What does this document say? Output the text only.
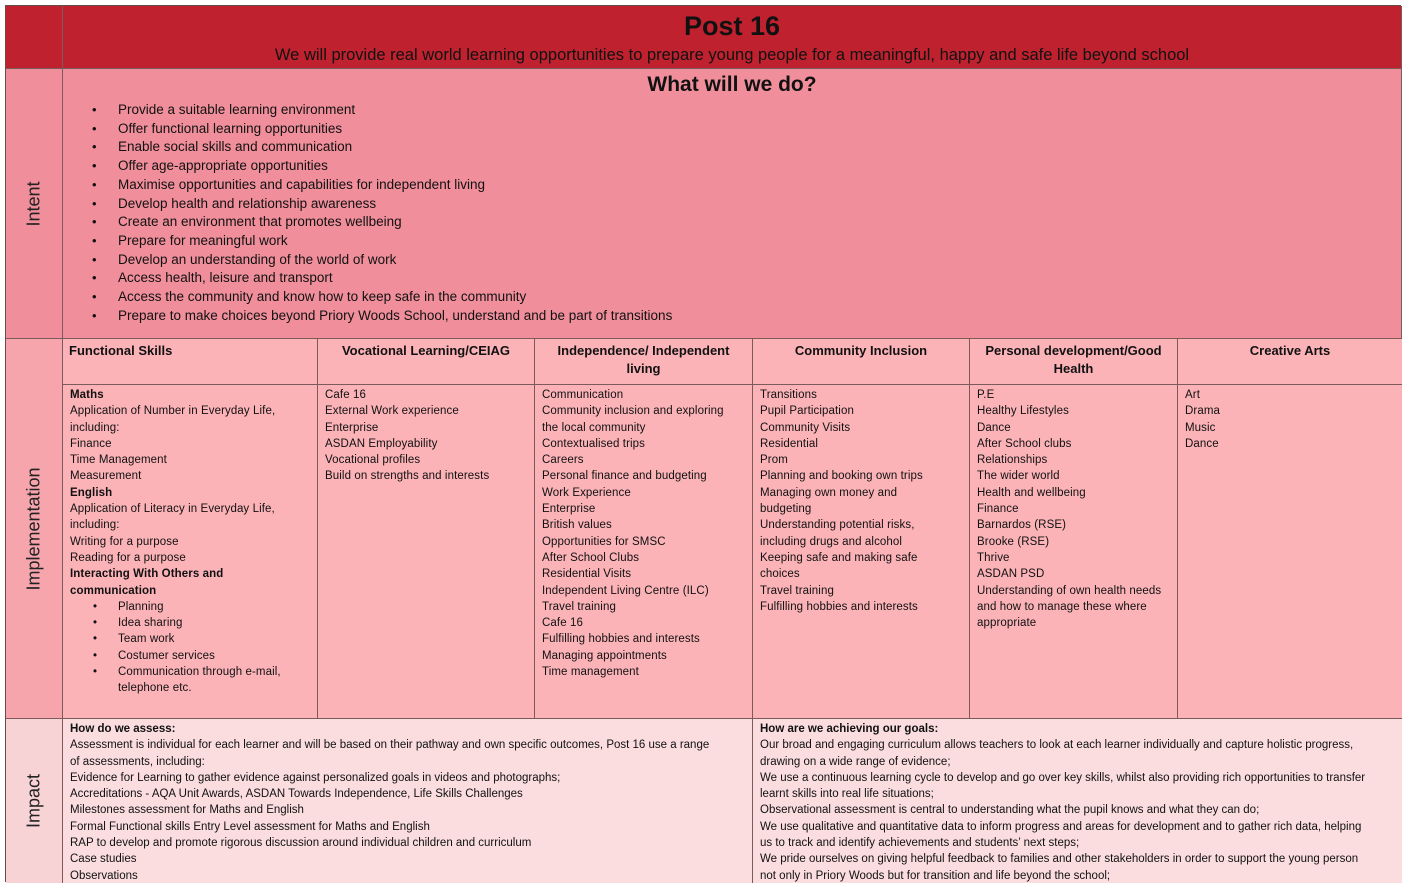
Post 16
We will provide real world learning opportunities to prepare young people for a meaningful, happy and safe life beyond school
Intent
What will we do?
• Provide a suitable learning environment
• Offer functional learning opportunities
• Enable social skills and communication
• Offer age-appropriate opportunities
• Maximise opportunities and capabilities for independent living
• Develop health and relationship awareness
• Create an environment that promotes wellbeing
• Prepare for meaningful work
• Develop an understanding of the world of work
• Access health, leisure and transport
• Access the community and know how to keep safe in the community
• Prepare to make choices beyond Priory Woods School, understand and be part of transitions
Implementation
Functional Skills
Maths
Application of Number in Everyday Life,
including:
Finance
Time Management
Measurement
English
Application of Literacy in Everyday Life,
including:
Writing for a purpose
Reading for a purpose
Interacting With Others and
communication
• Planning
• Idea sharing
• Team work
• Costumer services
• Communication through e-mail,
telephone etc.
Vocational Learning/CEIAG
Cafe 16
External Work experience
Enterprise
ASDAN Employability
Vocational profiles
Build on strengths and interests
Independence/ Independent living
Communication
Community inclusion and exploring
the local community
Contextualised trips
Careers
Personal finance and budgeting
Work Experience
Enterprise
British values
Opportunities for SMSC
After School Clubs
Residential Visits
Independent Living Centre (ILC)
Travel training
Cafe 16
Fulfilling hobbies and interests
Managing appointments
Time management
Community Inclusion
Transitions
Pupil Participation
Community Visits
Residential
Prom
Planning and booking own trips
Managing own money and
budgeting
Understanding potential risks,
including drugs and alcohol
Keeping safe and making safe
choices
Travel training
Fulfilling hobbies and interests
Personal development/Good Health
P.E
Healthy Lifestyles
Dance
After School clubs
Relationships
The wider world
Health and wellbeing
Finance
Barnardos (RSE)
Brooke (RSE)
Thrive
ASDAN PSD
Understanding of own health needs
and how to manage these where
appropriate
Creative Arts
Art
Drama
Music
Dance
Impact
How do we assess:
Assessment is individual for each learner and will be based on their pathway and own specific outcomes, Post 16 use a range
of assessments, including:
Evidence for Learning to gather evidence against personalized goals in videos and photographs;
Accreditations - AQA Unit Awards, ASDAN Towards Independence, Life Skills Challenges
Milestones assessment for Maths and English
Formal Functional skills Entry Level assessment for Maths and English
RAP to develop and promote rigorous discussion around individual children and curriculum
Case studies
Observations
How are we achieving our goals:
Our broad and engaging curriculum allows teachers to look at each learner individually and capture holistic progress,
drawing on a wide range of evidence;
We use a continuous learning cycle to develop and go over key skills, whilst also providing rich opportunities to transfer
learnt skills into real life situations;
Observational assessment is central to understanding what the pupil knows and what they can do;
We use qualitative and quantitative data to inform progress and areas for development and to gather rich data, helping
us to track and identify achievements and students’ next steps;
We pride ourselves on giving helpful feedback to families and other stakeholders in order to support the young person
not only in Priory Woods but for transition and life beyond the school;
